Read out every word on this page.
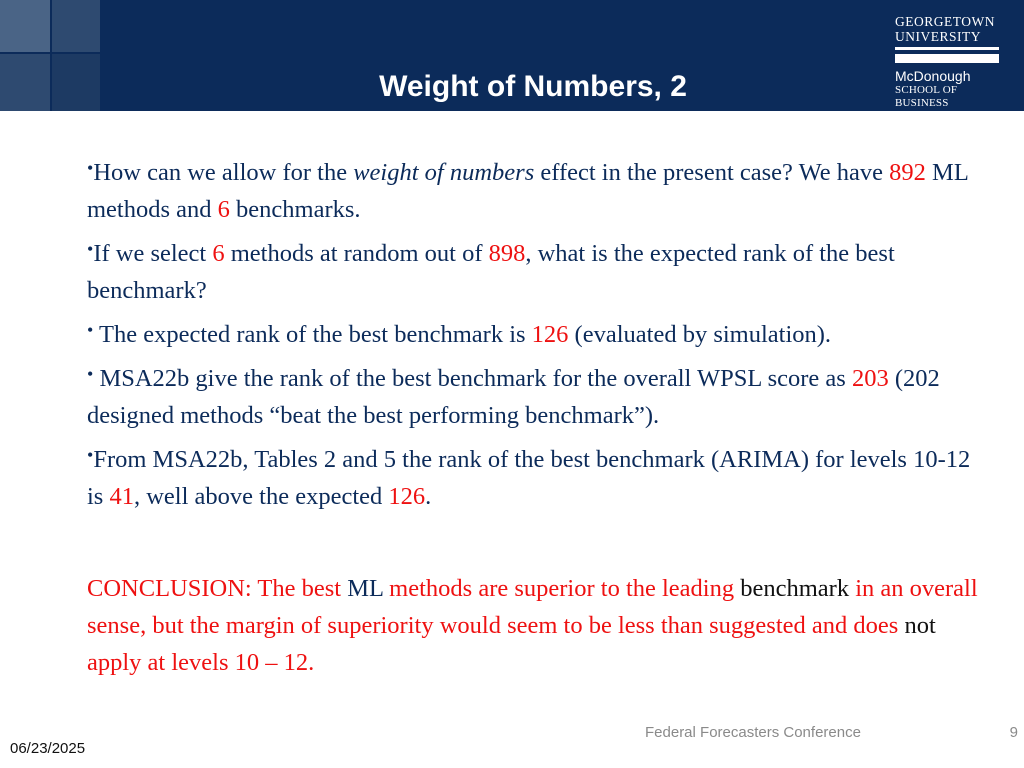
Weight of Numbers, 2
GEORGETOWN
UNIVERSITY
McDonough
SCHOOL OF BUSINESS
•How can we allow for the weight of numbers effect in the present case? We have 892 ML methods and 6 benchmarks.
•If we select 6 methods at random out of 898, what is the expected rank of the best benchmark?
• The expected rank of the best benchmark is 126 (evaluated by simulation).
• MSA22b give the rank of the best benchmark for the overall WPSL score as 203 (202 designed methods “beat the best performing benchmark”).
•From MSA22b, Tables 2 and 5 the rank of the best benchmark (ARIMA) for levels 10-12 is 41, well above the expected 126.
CONCLUSION: The best ML methods are superior to the leading benchmark in an overall sense, but the margin of superiority would seem to be less than suggested and does not apply at levels 10 – 12.
Federal Forecasters Conference	9
06/23/2025
